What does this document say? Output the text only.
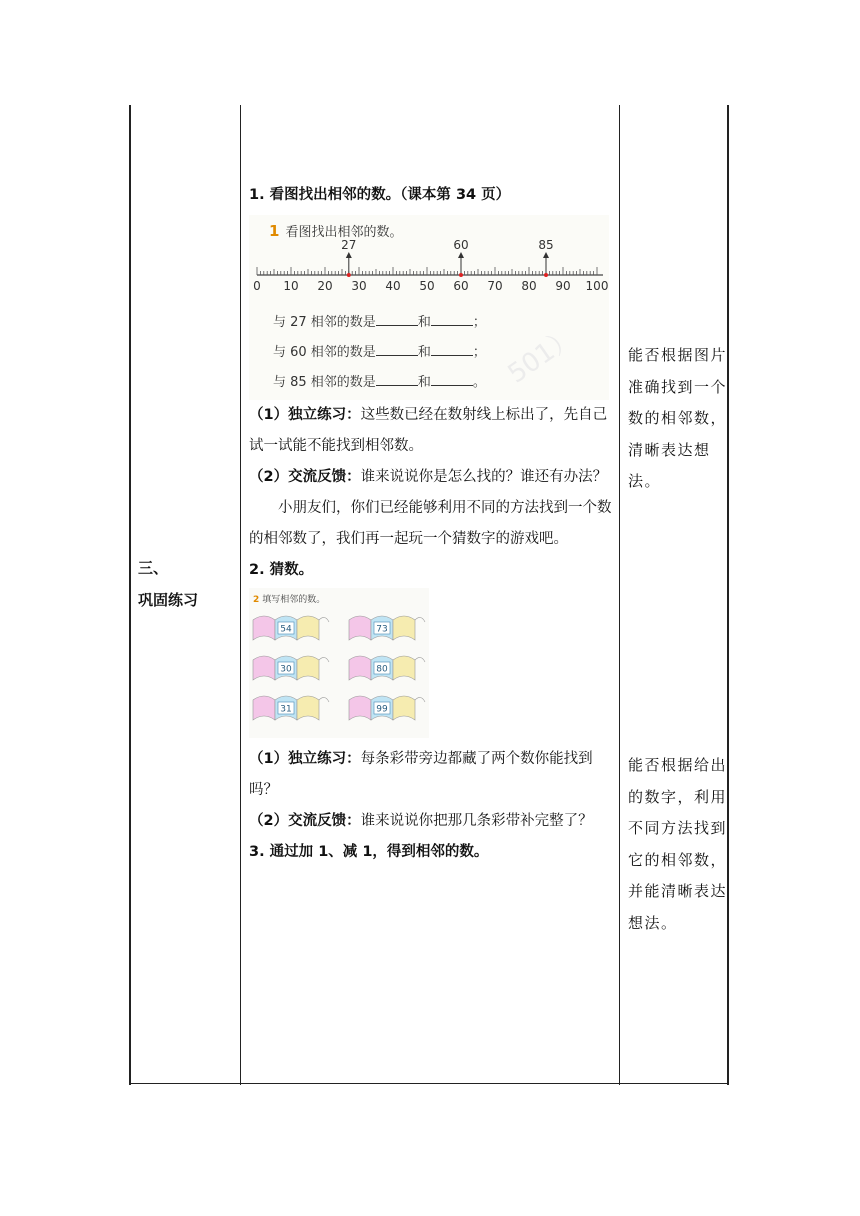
三、
巩固练习

1. 看图找出相邻的数。（课本第 34 页）

1 看图找出相邻的数。
501）
0 10 20 30 40 50 60 70 80 90 100
27	60	85
与 27 相邻的数是	和	；
与 60 相邻的数是	和	；
与 85 相邻的数是	和	。

（1）独立练习：这些数已经在数射线上标出了，先自己试一试能不能找到相邻数。

（2）交流反馈：谁来说说你是怎么找的？谁还有办法？

小朋友们，你们已经能够利用不同的方法找到一个数的相邻数了，我们再一起玩一个猜数字的游戏吧。

2. 猜数。

54	73
30	80
31	99
2 填写相邻的数。

（1）独立练习：每条彩带旁边都藏了两个数你能找到吗？

（2）交流反馈：谁来说说你把那几条彩带补完整了？

3. 通过加 1、减 1，得到相邻的数。

能否根据图片准确找到一个数的相邻数，清晰表达想法。
能否根据给出的数字，利用不同方法找到它的相邻数，并能清晰表达想法。
